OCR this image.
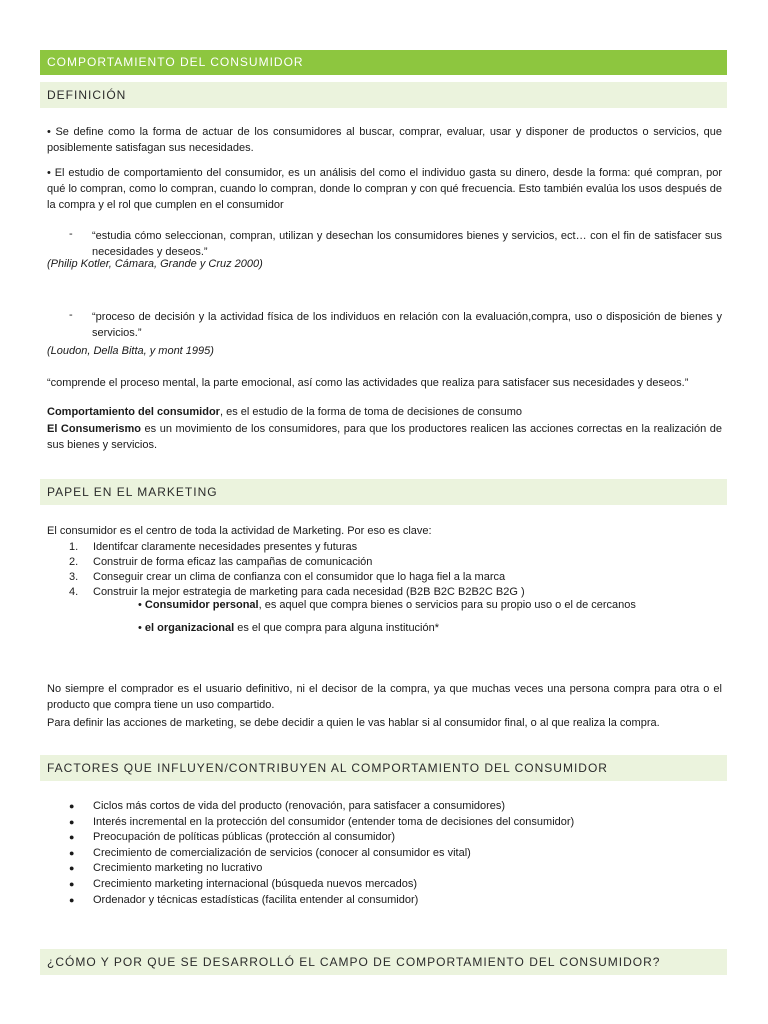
COMPORTAMIENTO DEL CONSUMIDOR
DEFINICIÓN

• Se define como la forma de actuar de los consumidores al buscar, comprar, evaluar, usar y disponer de productos o servicios, que posiblemente satisfagan sus necesidades.

• El estudio de comportamiento del consumidor, es un análisis del como el individuo gasta su dinero, desde la forma: qué compran, por qué lo compran, como lo compran, cuando lo compran, donde lo compran y con qué frecuencia. Esto también evalúa los usos después de la compra y el rol que cumplen en el consumidor

- “estudia cómo seleccionan, compran, utilizan y desechan los consumidores bienes y servicios, ect… con el fin de satisfacer sus necesidades y deseos.”

(Philip Kotler, Cámara, Grande y Cruz 2000)
- “proceso de decisión y la actividad física de los individuos en relación con la evaluación,compra, uso o disposición de bienes y servicios.”

(Loudon, Della Bitta, y mont 1995)

“comprende el proceso mental, la parte emocional, así como las actividades que realiza para satisfacer sus necesidades y deseos.”

Comportamiento del consumidor, es el estudio de la forma de toma de decisiones de consumo

El Consumerismo es un movimiento de los consumidores, para que los productores realicen las acciones correctas en la realización de sus bienes y servicios.

PAPEL EN EL MARKETING

El consumidor es el centro de toda la actividad de Marketing. Por eso es clave:

1. Identifcar claramente necesidades presentes y futuras
2. Construir de forma eficaz las campañas de comunicación
3. Conseguir crear un clima de confianza con el consumidor que lo haga fiel a la marca
4. Construir la mejor estrategia de marketing para cada necesidad (B2B B2C B2B2C B2G )
• Consumidor personal, es aquel que compra bienes o servicios para su propio uso o el de cercanos
• el organizacional es el que compra para alguna institución*

No siempre el comprador es el usuario definitivo, ni el decisor de la compra, ya que muchas veces una persona compra para otra o el producto que compra tiene un uso compartido.

Para definir las acciones de marketing, se debe decidir a quien le vas hablar si al consumidor final, o al que realiza la compra.

FACTORES QUE INFLUYEN/CONTRIBUYEN AL COMPORTAMIENTO DEL CONSUMIDOR
● Ciclos más cortos de vida del producto (renovación, para satisfacer a consumidores)
● Interés incremental en la protección del consumidor (entender toma de decisiones del consumidor)
● Preocupación de políticas públicas (protección al consumidor)
● Crecimiento de comercialización de servicios (conocer al consumidor es vital)
● Crecimiento marketing no lucrativo
● Crecimiento marketing internacional (búsqueda nuevos mercados)
● Ordenador y técnicas estadísticas (facilita entender al consumidor)
¿CÓMO Y POR QUE SE DESARROLLÓ EL CAMPO DE COMPORTAMIENTO DEL CONSUMIDOR?
